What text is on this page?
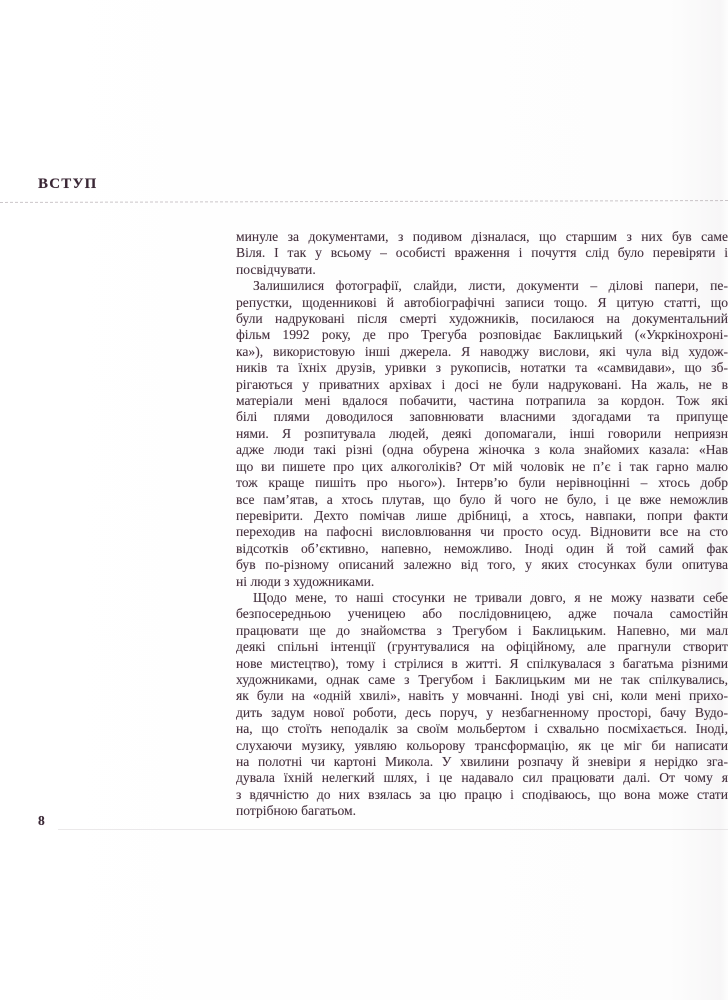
ВСТУП
минуле за документами, з подивом дізналася, що старшим з них був саме
Віля. І так у всьому – особисті враження і почуття слід було перевіряти і
посвідчувати.
Залишилися фотографії, слайди, листи, документи – ділові папери, пе-
репустки, щоденникові й автобіографічні записи тощо. Я цитую статті, що
були надруковані після смерті художників, посилаюся на документальний
фільм 1992 року, де про Трегуба розповідає Баклицький («Укркінохроні-
ка»), використовую інші джерела. Я наводжу вислови, які чула від худож-
ників та їхніх друзів, уривки з рукописів, нотатки та «самвидави», що зб-
рігаються у приватних архівах і досі не були надруковані. На жаль, не в
матеріали мені вдалося побачити, частина потрапила за кордон. Тож які
білі плями доводилося заповнювати власними здогадами та припуще
нями. Я розпитувала людей, деякі допомагали, інші говорили неприязн
адже люди такі різні (одна обурена жіночка з кола знайомих казала: «Нав
що ви пишете про цих алкоголіків? От мій чоловік не п’є і так гарно малю
тож краще пишіть про нього»). Інтерв’ю були нерівноцінні – хтось добр
все пам’ятав, а хтось плутав, що було й чого не було, і це вже неможлив
перевірити. Дехто помічав лише дрібниці, а хтось, навпаки, попри факти
переходив на пафосні висловлювання чи просто осуд. Відновити все на сто
відсотків об’єктивно, напевно, неможливо. Іноді один й той самий фак
був по-різному описаний залежно від того, у яких стосунках були опитува
ні люди з художниками.
Щодо мене, то наші стосунки не тривали довго, я не можу назвати себе
безпосередньою ученицею або послідовницею, адже почала самостійн
працювати ще до знайомства з Трегубом і Баклицьким. Напевно, ми мал
деякі спільні інтенції (грунтувалися на офіційному, але прагнули створит
нове мистецтво), тому і стрілися в житті. Я спілкувалася з багатьма різними
художниками, однак саме з Трегубом і Баклицьким ми не так спілкувались,
як були на «одній хвилі», навіть у мовчанні. Іноді уві сні, коли мені прихо-
дить задум нової роботи, десь поруч, у незбагненному просторі, бачу Вудо-
на, що стоїть неподалік за своїм мольбертом і схвально посміхається. Іноді,
слухаючи музику, уявляю кольорову трансформацію, як це міг би написати
на полотні чи картоні Микола. У хвилини розпачу й зневіри я нерідко зга-
дувала їхній нелегкий шлях, і це надавало сил працювати далі. От чому я
з вдячністю до них взялась за цю працю і сподіваюсь, що вона може стати
потрібною багатьом.
8
